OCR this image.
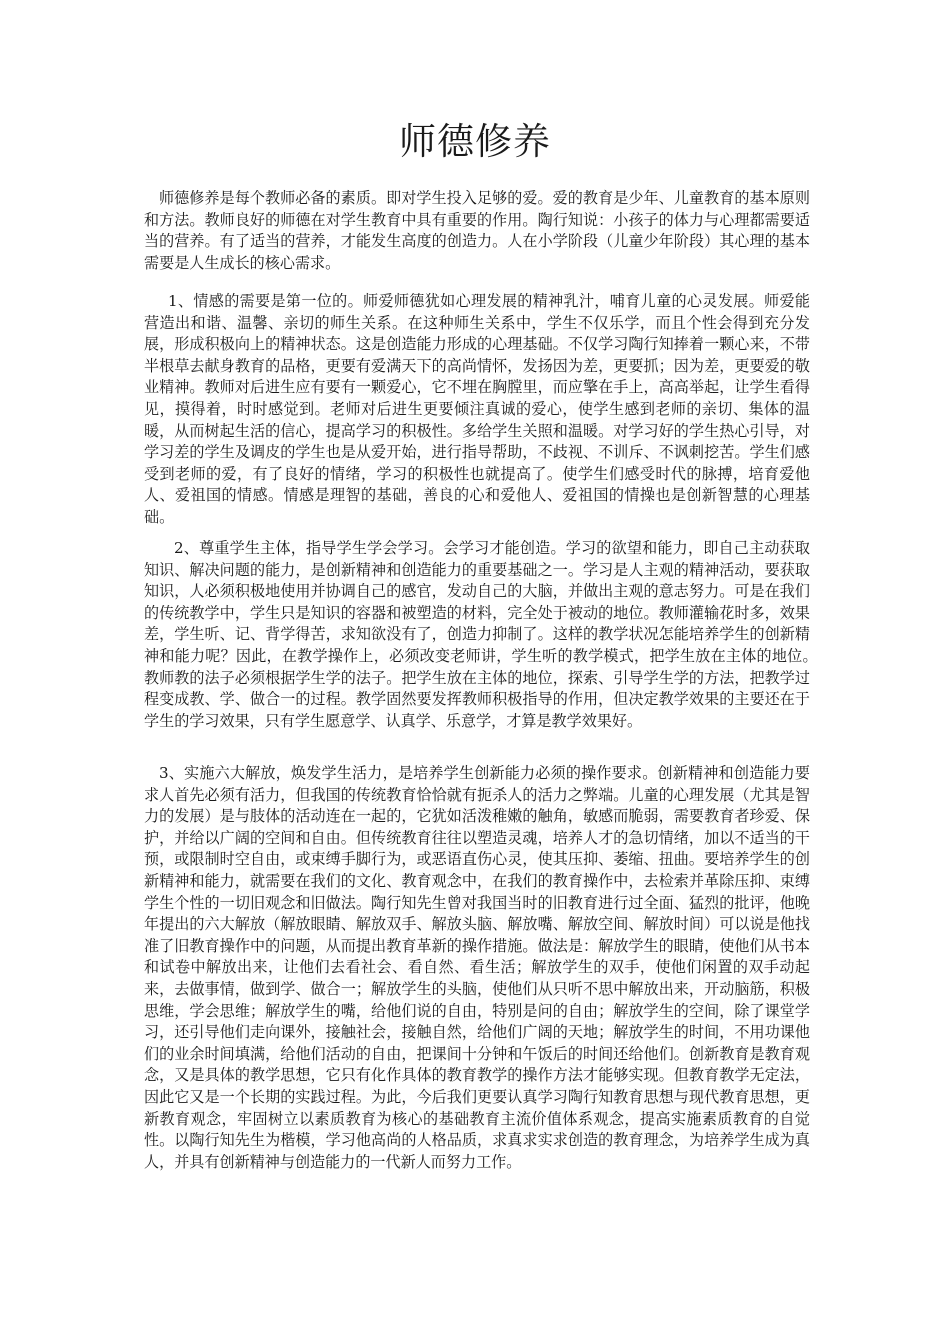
师德修养

师德修养是每个教师必备的素质。即对学生投入足够的爱。爱的教育是少年、儿童教育的基本原则和方法。教师良好的师德在对学生教育中具有重要的作用。陶行知说：小孩子的体力与心理都需要适当的营养。有了适当的营养，才能发生高度的创造力。人在小学阶段（儿童少年阶段）其心理的基本需要是人生成长的核心需求。

1、情感的需要是第一位的。师爱师德犹如心理发展的精神乳汁，哺育儿童的心灵发展。师爱能营造出和谐、温馨、亲切的师生关系。在这种师生关系中，学生不仅乐学，而且个性会得到充分发展，形成积极向上的精神状态。这是创造能力形成的心理基础。不仅学习陶行知捧着一颗心来，不带半根草去献身教育的品格，更要有爱满天下的高尚情怀，发扬因为差，更要抓；因为差，更要爱的敬业精神。教师对后进生应有要有一颗爱心，它不埋在胸膛里，而应擎在手上，高高举起，让学生看得见，摸得着，时时感觉到。老师对后进生更要倾注真诚的爱心，使学生感到老师的亲切、集体的温暖，从而树起生活的信心，提高学习的积极性。多给学生关照和温暖。对学习好的学生热心引导，对学习差的学生及调皮的学生也是从爱开始，进行指导帮助，不歧视、不训斥、不讽刺挖苦。学生们感受到老师的爱，有了良好的情绪，学习的积极性也就提高了。使学生们感受时代的脉搏，培育爱他人、爱祖国的情感。情感是理智的基础，善良的心和爱他人、爱祖国的情操也是创新智慧的心理基础。

2、尊重学生主体，指导学生学会学习。会学习才能创造。学习的欲望和能力，即自己主动获取知识、解决问题的能力，是创新精神和创造能力的重要基础之一。学习是人主观的精神活动，要获取知识，人必须积极地使用并协调自己的感官，发动自己的大脑，并做出主观的意志努力。可是在我们的传统教学中，学生只是知识的容器和被塑造的材料，完全处于被动的地位。教师灌输花时多，效果差，学生听、记、背学得苦，求知欲没有了，创造力抑制了。这样的教学状况怎能培养学生的创新精神和能力呢？因此，在教学操作上，必须改变老师讲，学生听的教学模式，把学生放在主体的地位。　　教师教的法子必须根据学生学的法子。把学生放在主体的地位，探索、引导学生学的方法，把教学过程变成教、学、做合一的过程。教学固然要发挥教师积极指导的作用，但决定教学效果的主要还在于学生的学习效果，只有学生愿意学、认真学、乐意学，才算是教学效果好。

3、实施六大解放，焕发学生活力，是培养学生创新能力必须的操作要求。创新精神和创造能力要求人首先必须有活力，但我国的传统教育恰恰就有扼杀人的活力之弊端。儿童的心理发展（尤其是智力的发展）是与肢体的活动连在一起的，它犹如活泼稚嫩的触角，敏感而脆弱，需要教育者珍爱、保护，并给以广阔的空间和自由。但传统教育往往以塑造灵魂，培养人才的急切情绪，加以不适当的干预，或限制时空自由，或束缚手脚行为，或恶语直伤心灵，使其压抑、萎缩、扭曲。要培养学生的创新精神和能力，就需要在我们的文化、教育观念中，在我们的教育操作中，去检索并革除压抑、束缚学生个性的一切旧观念和旧做法。陶行知先生曾对我国当时的旧教育进行过全面、猛烈的批评，他晚年提出的六大解放（解放眼睛、解放双手、解放头脑、解放嘴、解放空间、解放时间）可以说是他找准了旧教育操作中的问题，从而提出教育革新的操作措施。做法是：解放学生的眼睛，使他们从书本和试卷中解放出来，让他们去看社会、看自然、看生活；解放学生的双手，使他们闲置的双手动起来，去做事情，做到学、做合一；解放学生的头脑，使他们从只听不思中解放出来，开动脑筋，积极思维，学会思维；解放学生的嘴，给他们说的自由，特别是问的自由；解放学生的空间，除了课堂学习，还引导他们走向课外，接触社会，接触自然，给他们广阔的天地；解放学生的时间，不用功课他们的业余时间填满，给他们活动的自由，把课间十分钟和午饭后的时间还给他们。创新教育是教育观念，又是具体的教学思想，它只有化作具体的教育教学的操作方法才能够实现。但教育教学无定法，因此它又是一个长期的实践过程。为此，今后我们更要认真学习陶行知教育思想与现代教育思想，更新教育观念，牢固树立以素质教育为核心的基础教育主流价值体系观念，提高实施素质教育的自觉性。以陶行知先生为楷模，学习他高尚的人格品质，求真求实求创造的教育理念，为培养学生成为真人，并具有创新精神与创造能力的一代新人而努力工作。
